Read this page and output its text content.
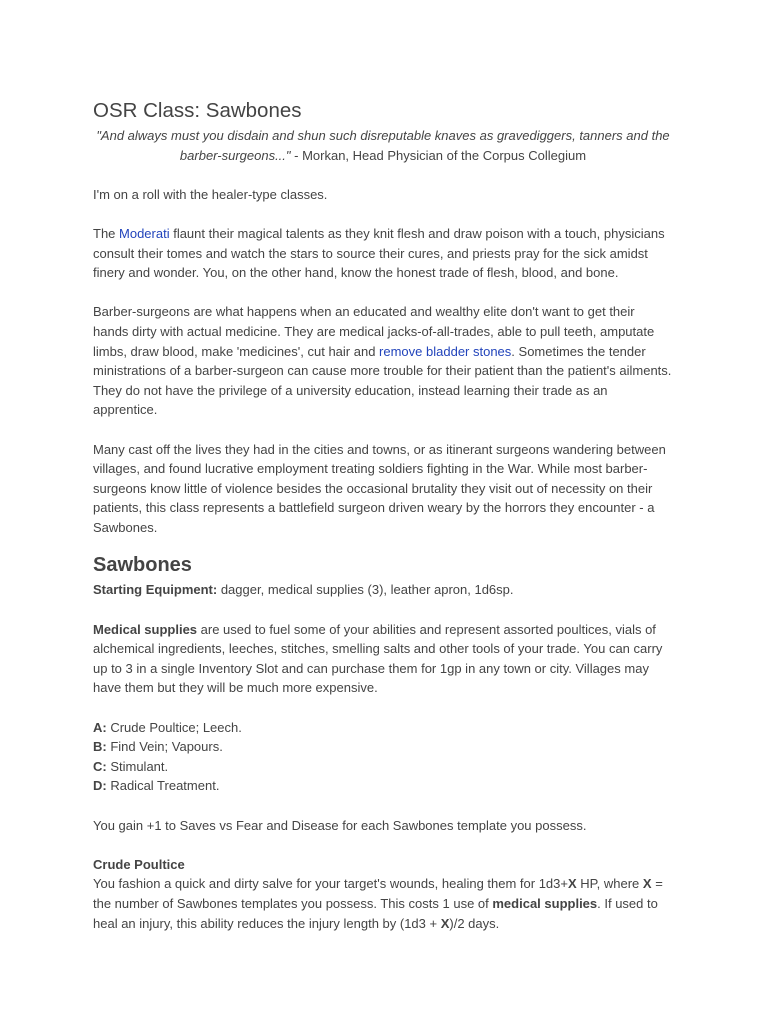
OSR Class: Sawbones

"And always must you disdain and shun such disreputable knaves as gravediggers, tanners and the barber-surgeons..." - Morkan, Head Physician of the Corpus Collegium

I'm on a roll with the healer-type classes.

The Moderati flaunt their magical talents as they knit flesh and draw poison with a touch, physicians consult their tomes and watch the stars to source their cures, and priests pray for the sick amidst finery and wonder. You, on the other hand, know the honest trade of flesh, blood, and bone.

Barber-surgeons are what happens when an educated and wealthy elite don't want to get their hands dirty with actual medicine. They are medical jacks-of-all-trades, able to pull teeth, amputate limbs, draw blood, make 'medicines', cut hair and remove bladder stones. Sometimes the tender ministrations of a barber-surgeon can cause more trouble for their patient than the patient's ailments. They do not have the privilege of a university education, instead learning their trade as an apprentice.

Many cast off the lives they had in the cities and towns, or as itinerant surgeons wandering between villages, and found lucrative employment treating soldiers fighting in the War. While most barber-surgeons know little of violence besides the occasional brutality they visit out of necessity on their patients, this class represents a battlefield surgeon driven weary by the horrors they encounter - a Sawbones.

Sawbones

Starting Equipment: dagger, medical supplies (3), leather apron, 1d6sp.

Medical supplies are used to fuel some of your abilities and represent assorted poultices, vials of alchemical ingredients, leeches, stitches, smelling salts and other tools of your trade. You can carry up to 3 in a single Inventory Slot and can purchase them for 1gp in any town or city. Villages may have them but they will be much more expensive.

A: Crude Poultice; Leech.
B: Find Vein; Vapours.
C: Stimulant.
D: Radical Treatment.

You gain +1 to Saves vs Fear and Disease for each Sawbones template you possess.

Crude Poultice

You fashion a quick and dirty salve for your target's wounds, healing them for 1d3+X HP, where X = the number of Sawbones templates you possess. This costs 1 use of medical supplies. If used to heal an injury, this ability reduces the injury length by (1d3 + X)/2 days.
